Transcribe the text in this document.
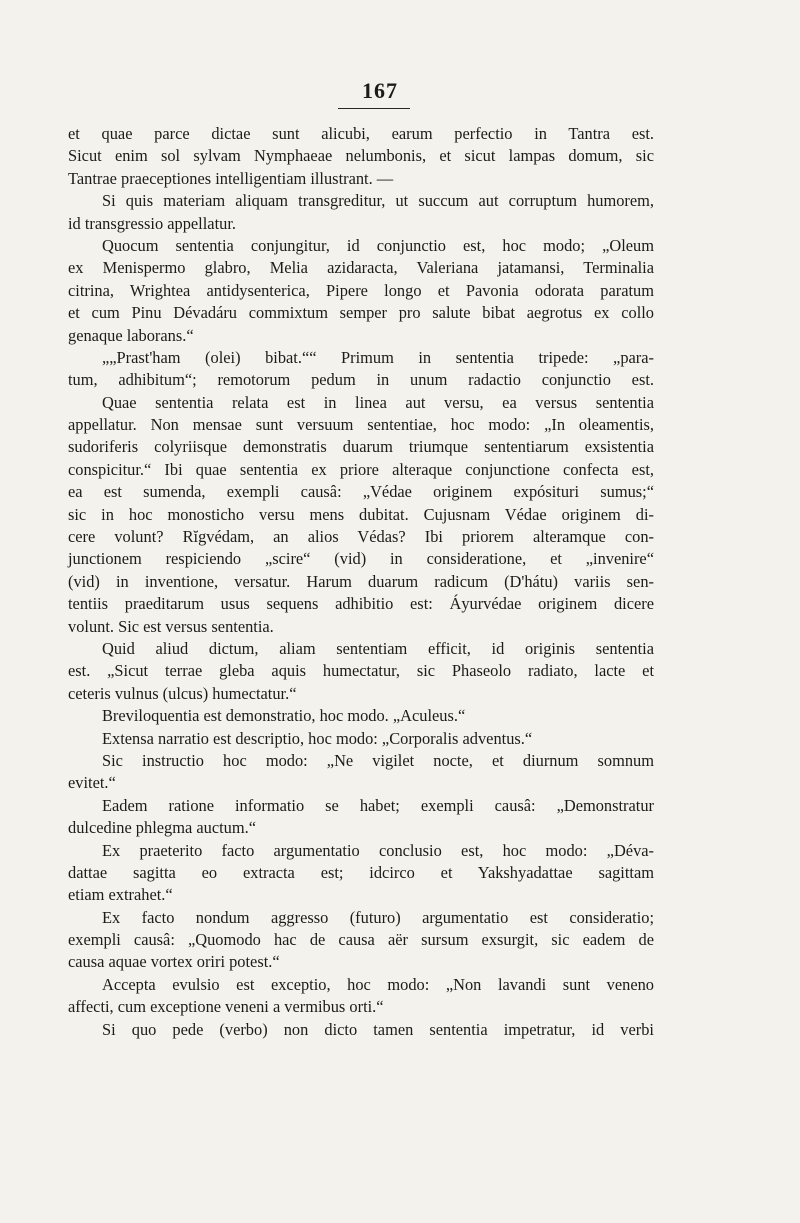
167
et quae parce dictae sunt alicubi, earum perfectio in Tantra est.
Sicut enim sol sylvam Nymphaeae nelumbonis, et sicut lampas domum, sic
Tantrae praeceptiones intelligentiam illustrant. —
Si quis materiam aliquam transgreditur, ut succum aut corruptum humorem,
id transgressio appellatur.
Quocum sententia conjungitur, id conjunctio est, hoc modo; „Oleum
ex Menispermo glabro, Melia azidaracta, Valeriana jatamansi, Terminalia
citrina, Wrightea antidysenterica, Pipere longo et Pavonia odorata paratum
et cum Pinu Dévadáru commixtum semper pro salute bibat aegrotus ex collo
genaque laborans.“
„„Prast'ham (olei) bibat.““ Primum in sententia tripede: „para-
tum, adhibitum“; remotorum pedum in unum radactio conjunctio est.
Quae sententia relata est in linea aut versu, ea versus sententia
appellatur. Non mensae sunt versuum sententiae, hoc modo: „In oleamentis,
sudoriferis colyriisque demonstratis duarum triumque sententiarum exsistentia
conspicitur.“ Ibi quae sententia ex priore alteraque conjunctione confecta est,
ea est sumenda, exempli causâ: „Védae originem expósituri sumus;“
sic in hoc monosticho versu mens dubitat. Cujusnam Védae originem di-
cere volunt? Rĭgvédam, an alios Védas? Ibi priorem alteramque con-
junctionem respiciendo „scire“ (vid) in consideratione, et „invenire“
(vid) in inventione, versatur. Harum duarum radicum (D'hátu) variis sen-
tentiis praeditarum usus sequens adhibitio est: Áyurvédae originem dicere
volunt. Sic est versus sententia.
Quid aliud dictum, aliam sententiam efficit, id originis sententia
est. „Sicut terrae gleba aquis humectatur, sic Phaseolo radiato, lacte et
ceteris vulnus (ulcus) humectatur.“
Breviloquentia est demonstratio, hoc modo. „Aculeus.“
Extensa narratio est descriptio, hoc modo: „Corporalis adventus.“
Sic instructio hoc modo: „Ne vigilet nocte, et diurnum somnum
evitet.“
Eadem ratione informatio se habet; exempli causâ: „Demonstratur
dulcedine phlegma auctum.“
Ex praeterito facto argumentatio conclusio est, hoc modo: „Déva-
dattae sagitta eo extracta est; idcirco et Yakshyadattae sagittam
etiam extrahet.“
Ex facto nondum aggresso (futuro) argumentatio est consideratio;
exempli causâ: „Quomodo hac de causa aër sursum exsurgit, sic eadem de
causa aquae vortex oriri potest.“
Accepta evulsio est exceptio, hoc modo: „Non lavandi sunt veneno
affecti, cum exceptione veneni a vermibus orti.“
Si quo pede (verbo) non dicto tamen sententia impetratur, id verbi
